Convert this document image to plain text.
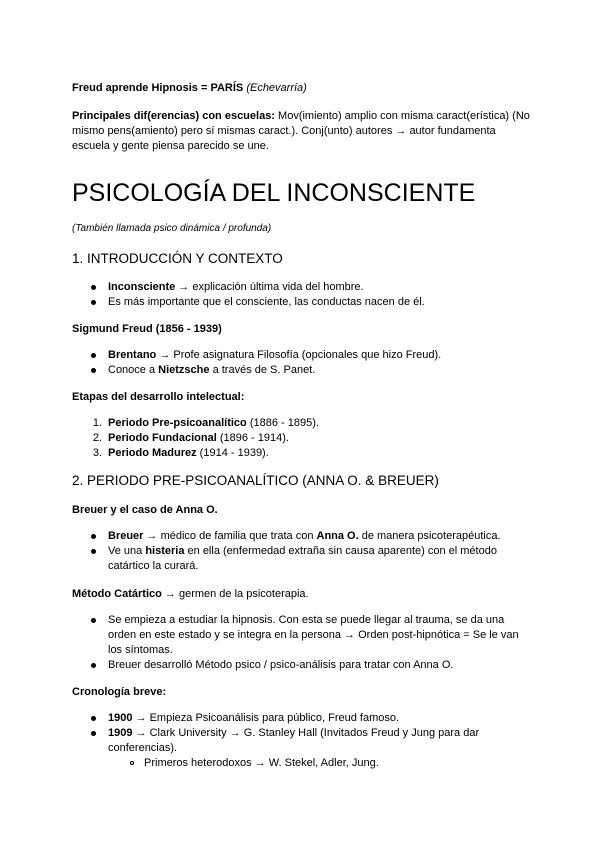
Freud aprende Hipnosis = PARÍS (Echevarría)

Principales dif(erencias) con escuelas: Mov(imiento) amplio con misma caract(erística) (No mismo pens(amiento) pero sí mismas caract.). Conj(unto) autores → autor fundamenta escuela y gente piensa parecido se une.

PSICOLOGÍA DEL INCONSCIENTE
(También llamada psico dinámica / profunda)
1. INTRODUCCIÓN Y CONTEXTO
Inconsciente → explicación última vida del hombre.
Es más importante que el consciente, las conductas nacen de él.
Sigmund Freud (1856 - 1939)
Brentano → Profe asignatura Filosofía (opcionales que hizo Freud).
Conoce a Nietzsche a través de S. Panet.
Etapas del desarrollo intelectual:
1. Periodo Pre-psicoanalítico (1886 - 1895).
2. Periodo Fundacional (1896 - 1914).
3. Periodo Madurez (1914 - 1939).
2. PERIODO PRE-PSICOANALÍTICO (ANNA O. & BREUER)
Breuer y el caso de Anna O.
Breuer → médico de familia que trata con Anna O. de manera psicoterapéutica.
Ve una histeria en ella (enfermedad extraña sin causa aparente) con el método catártico la curará.

Método Catártico → germen de la psicoterapia.

Se empieza a estudiar la hipnosis. Con esta se puede llegar al trauma, se da una orden en este estado y se integra en la persona → Orden post-hipnótica = Se le van los síntomas.
Breuer desarrolló Método psico / psico-análisis para tratar con Anna O.
Cronología breve:
1900 → Empieza Psicoanálisis para público, Freud famoso.
1909 → Clark University → G. Stanley Hall (Invitados Freud y Jung para dar conferencias).
Primeros heterodoxos → W. Stekel, Adler, Jung.
